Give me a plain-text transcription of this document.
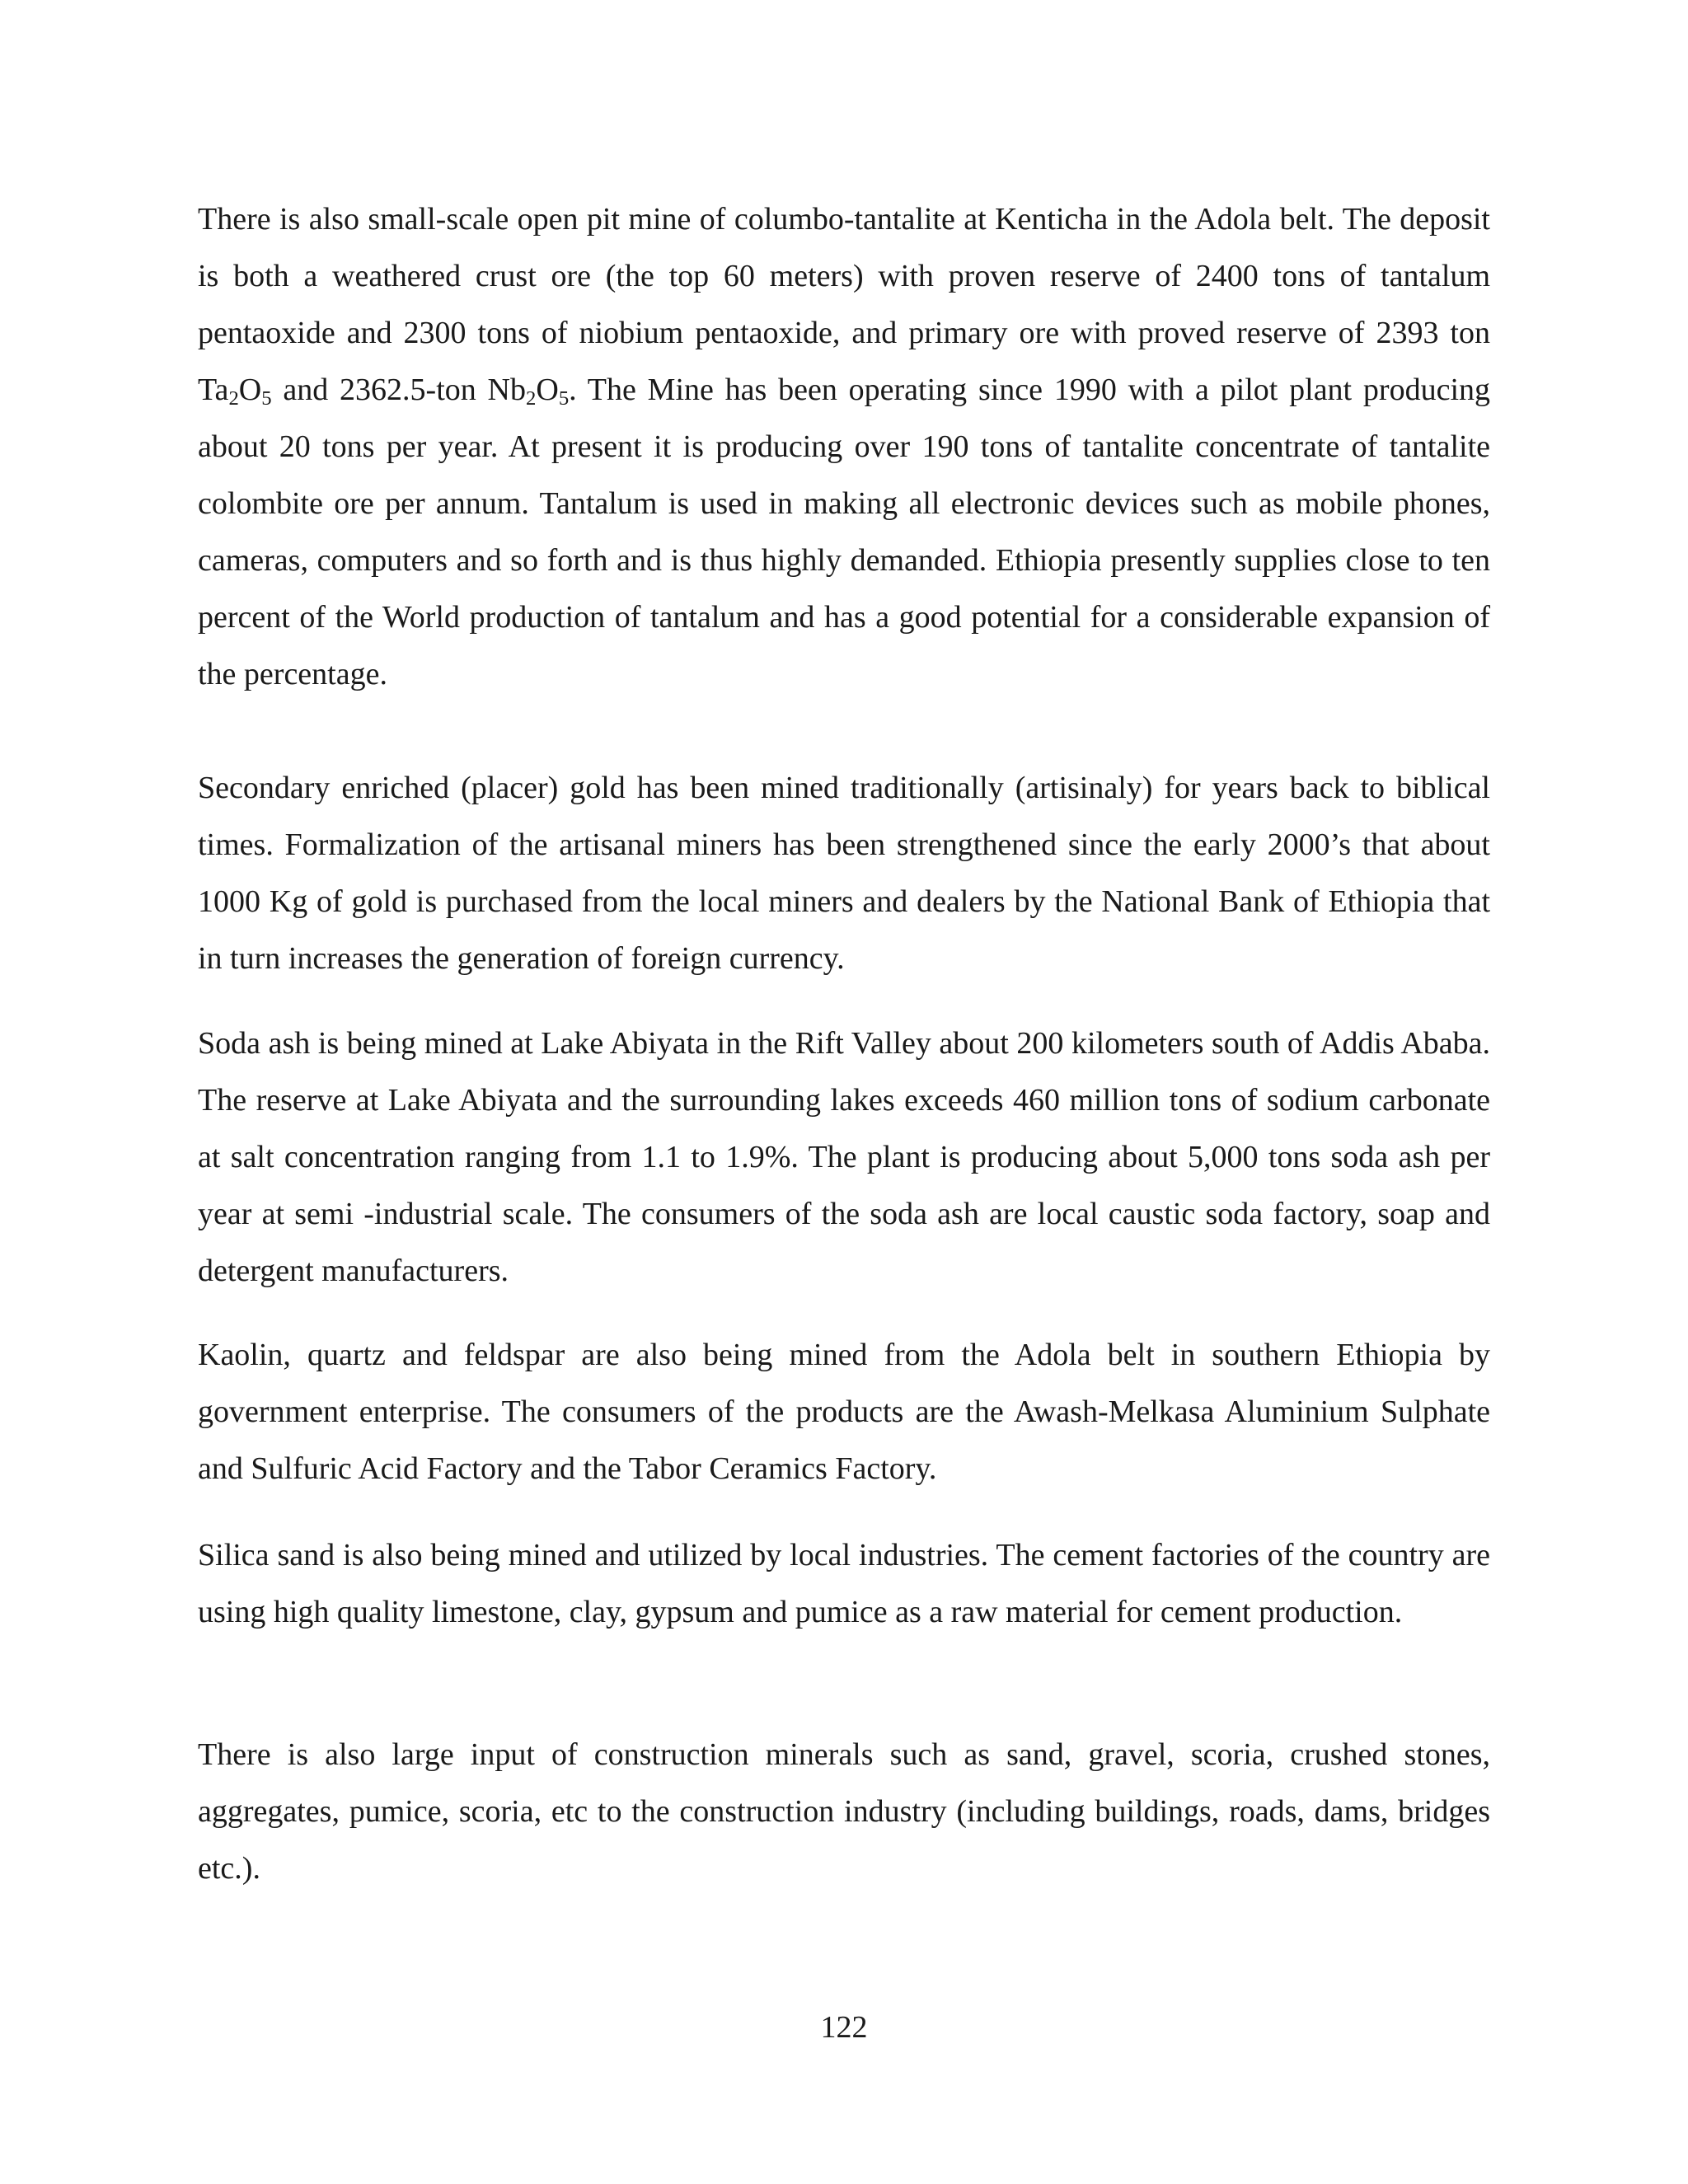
There is also small-scale open pit mine of columbo-tantalite at Kenticha in the Adola belt. The deposit is both a weathered crust ore (the top 60 meters) with proven reserve of 2400 tons of tantalum pentaoxide and 2300 tons of niobium pentaoxide, and primary ore with proved reserve of 2393 ton $Ta_2O_5$ and 2362.5-ton $Nb_2O_5$. The Mine has been operating since 1990 with a pilot plant producing about 20 tons per year. At present it is producing over 190 tons of tantalite concentrate of tantalite colombite ore per annum. Tantalum is used in making all electronic devices such as mobile phones, cameras, computers and so forth and is thus highly demanded. Ethiopia presently supplies close to ten percent of the World production of tantalum and has a good potential for a considerable expansion of the percentage.

Secondary enriched (placer) gold has been mined traditionally (artisinaly) for years back to biblical times. Formalization of the artisanal miners has been strengthened since the early 2000’s that about 1000 Kg of gold is purchased from the local miners and dealers by the National Bank of Ethiopia that in turn increases the generation of foreign currency.

Soda ash is being mined at Lake Abiyata in the Rift Valley about 200 kilometers south of Addis Ababa. The reserve at Lake Abiyata and the surrounding lakes exceeds 460 million tons of sodium carbonate at salt concentration ranging from 1.1 to 1.9%. The plant is producing about 5,000 tons soda ash per year at semi -industrial scale. The consumers of the soda ash are local caustic soda factory, soap and detergent manufacturers.

Kaolin, quartz and feldspar are also being mined from the Adola belt in southern Ethiopia by government enterprise. The consumers of the products are the Awash-Melkasa Aluminium Sulphate and Sulfuric Acid Factory and the Tabor Ceramics Factory.

Silica sand is also being mined and utilized by local industries. The cement factories of the country are using high quality limestone, clay, gypsum and pumice as a raw material for cement production.

There is also large input of construction minerals such as sand, gravel, scoria, crushed stones, aggregates, pumice, scoria, etc to the construction industry (including buildings, roads, dams, bridges etc.).

122
